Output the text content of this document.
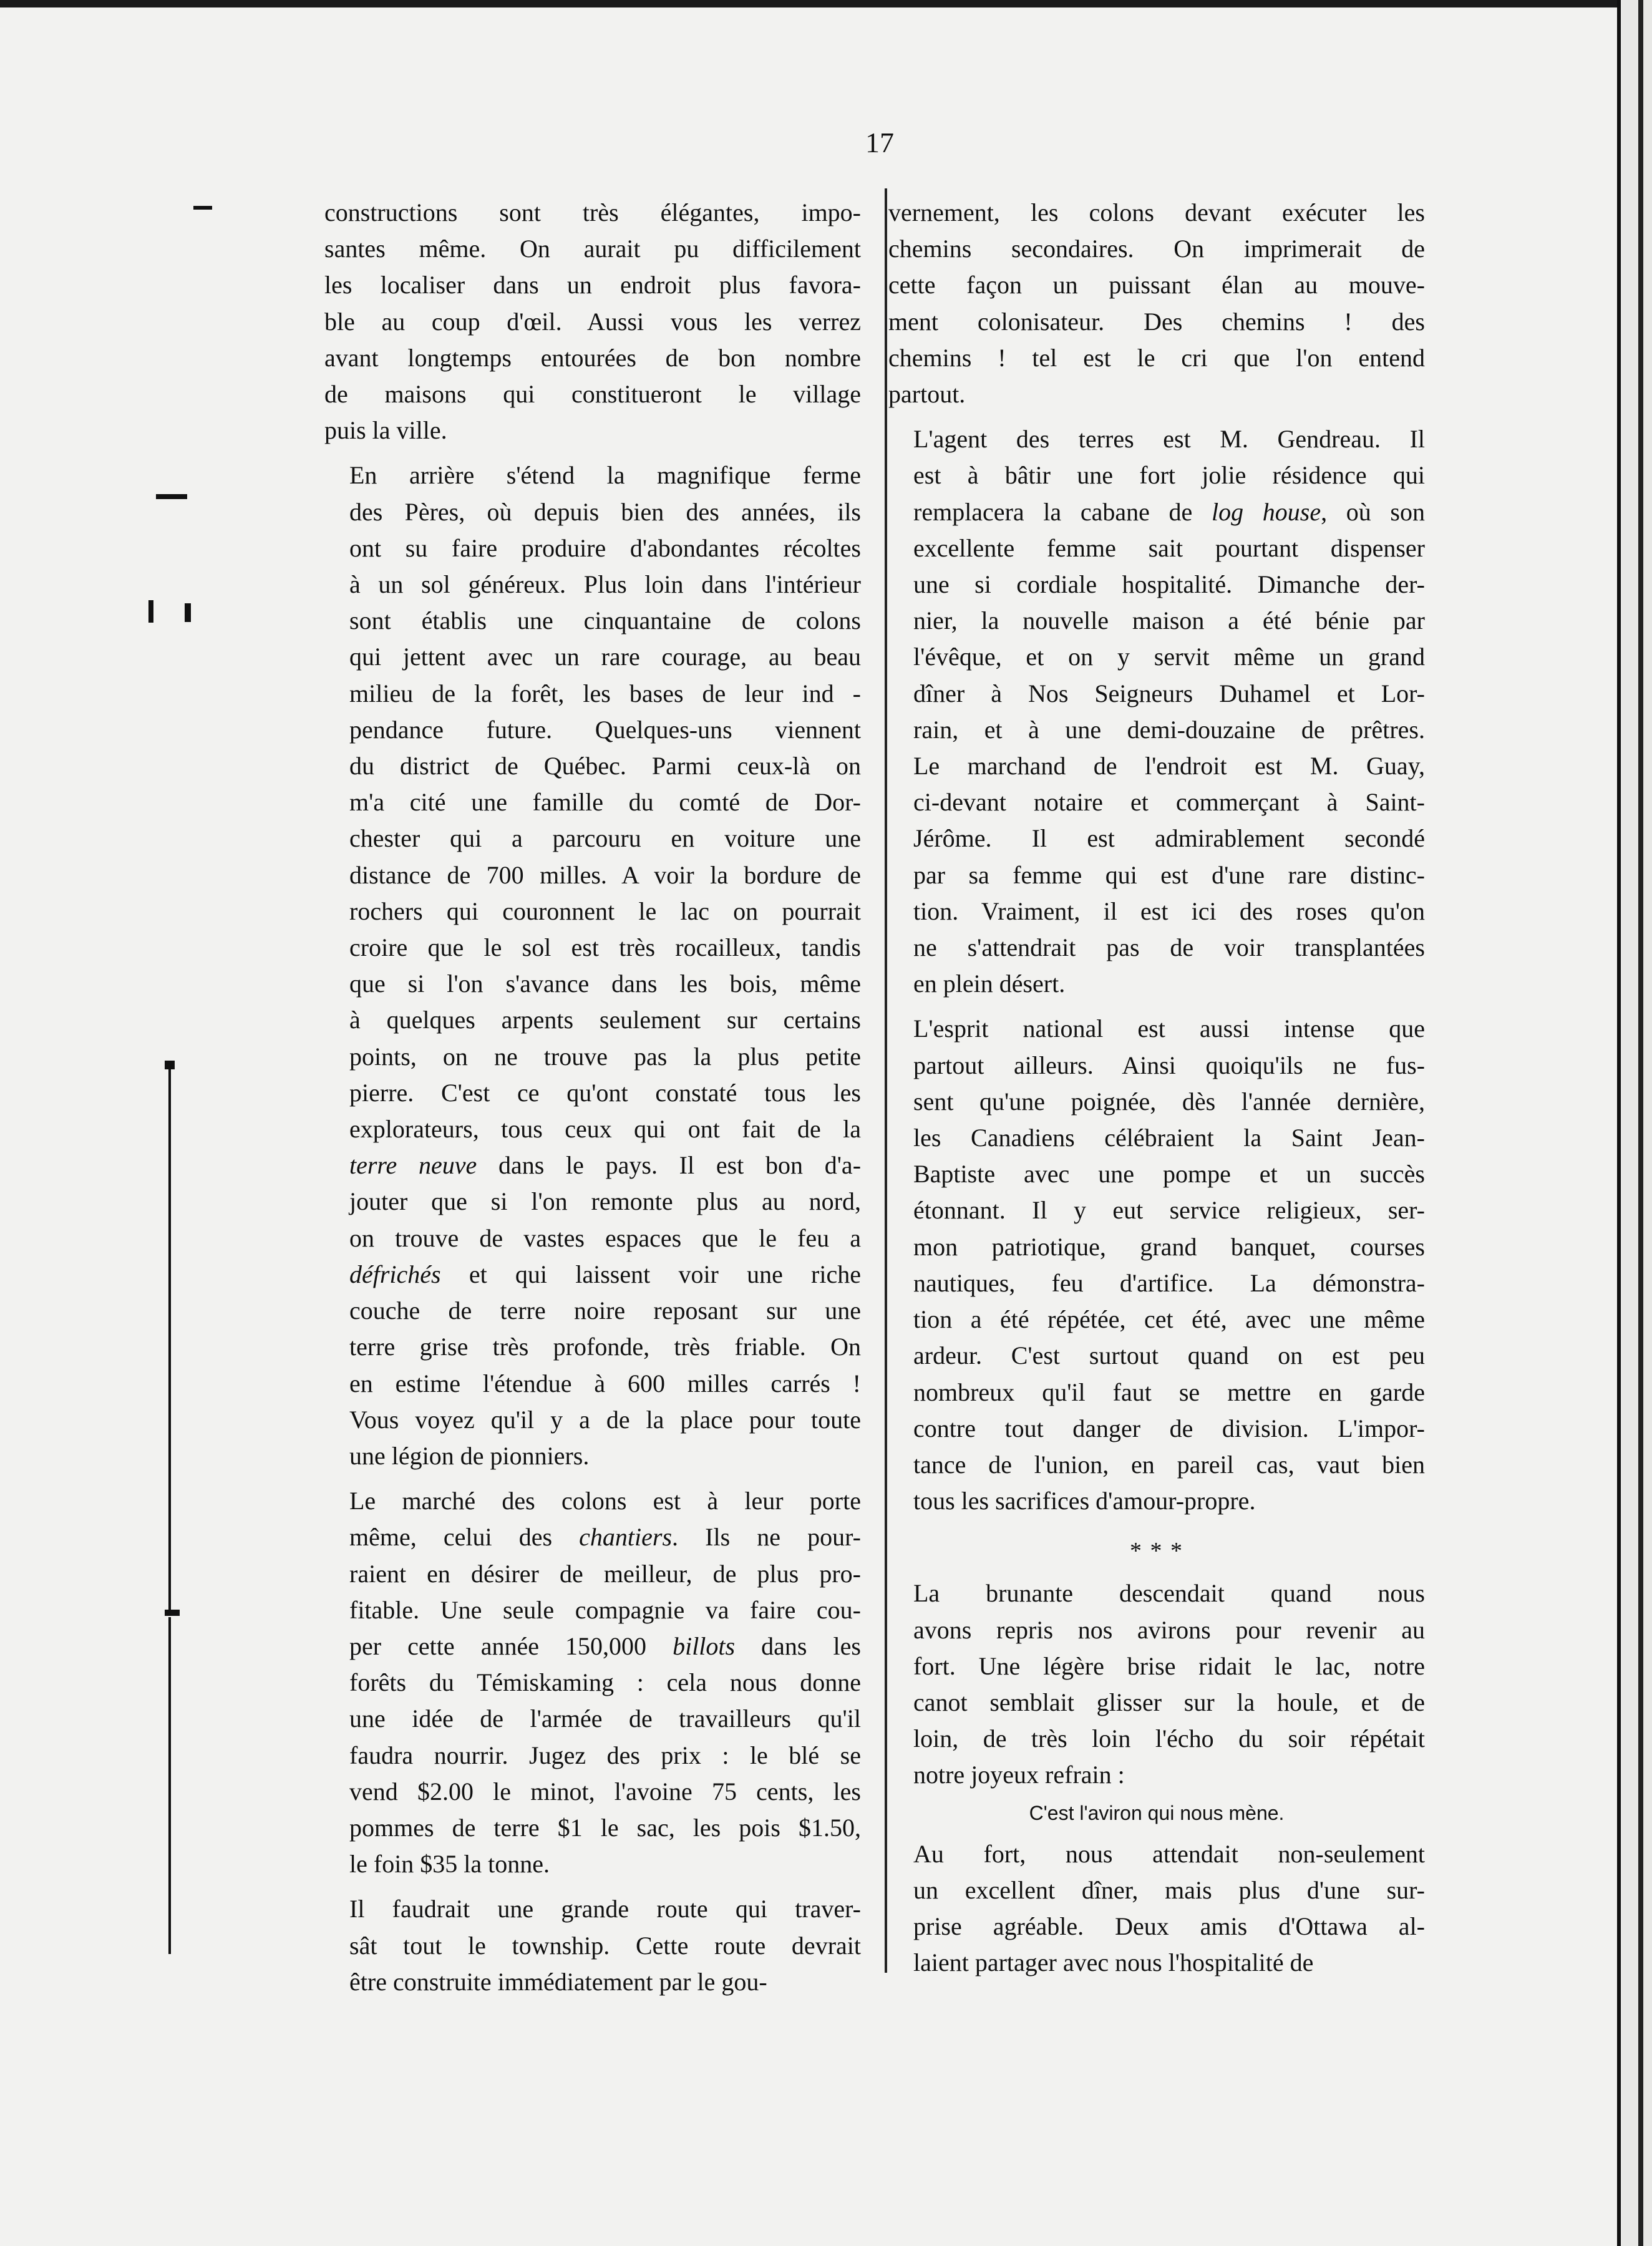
17

constructions sont très élégantes, impo-
santes même. On aurait pu difficilement
les localiser dans un endroit plus favora-
ble au coup d'œil. Aussi vous les verrez
avant longtemps entourées de bon nombre
de maisons qui constitueront le village
puis la ville.

En arrière s'étend la magnifique ferme
des Pères, où depuis bien des années, ils
ont su faire produire d'abondantes récoltes
à un sol généreux. Plus loin dans l'intérieur
sont établis une cinquantaine de colons
qui jettent avec un rare courage, au beau
milieu de la forêt, les bases de leur ind -
pendance future. Quelques-uns viennent
du district de Québec. Parmi ceux-là on
m'a cité une famille du comté de Dor-
chester qui a parcouru en voiture une
distance de 700 milles. A voir la bordure de
rochers qui couronnent le lac on pourrait
croire que le sol est très rocailleux, tandis
que si l'on s'avance dans les bois, même
à quelques arpents seulement sur certains
points, on ne trouve pas la plus petite
pierre. C'est ce qu'ont constaté tous les
explorateurs, tous ceux qui ont fait de la
terre neuve dans le pays. Il est bon d'a-
jouter que si l'on remonte plus au nord,
on trouve de vastes espaces que le feu a
défrichés et qui laissent voir une riche
couche de terre noire reposant sur une
terre grise très profonde, très friable. On
en estime l'étendue à 600 milles carrés !
Vous voyez qu'il y a de la place pour toute
une légion de pionniers.

Le marché des colons est à leur porte
même, celui des chantiers. Ils ne pour-
raient en désirer de meilleur, de plus pro-
fitable. Une seule compagnie va faire cou-
per cette année 150,000 billots dans les
forêts du Témiskaming : cela nous donne
une idée de l'armée de travailleurs qu'il
faudra nourrir. Jugez des prix : le blé se
vend $2.00 le minot, l'avoine 75 cents, les
pommes de terre $1 le sac, les pois $1.50,
le foin $35 la tonne.

Il faudrait une grande route qui traver-
sât tout le township. Cette route devrait
être construite immédiatement par le gou-

vernement, les colons devant exécuter les
chemins secondaires. On imprimerait de
cette façon un puissant élan au mouve-
ment colonisateur. Des chemins ! des
chemins ! tel est le cri que l'on entend
partout.

L'agent des terres est M. Gendreau. Il
est à bâtir une fort jolie résidence qui
remplacera la cabane de log house, où son
excellente femme sait pourtant dispenser
une si cordiale hospitalité. Dimanche der-
nier, la nouvelle maison a été bénie par
l'évêque, et on y servit même un grand
dîner à Nos Seigneurs Duhamel et Lor-
rain, et à une demi-douzaine de prêtres.
Le marchand de l'endroit est M. Guay,
ci-devant notaire et commerçant à Saint-
Jérôme. Il est admirablement secondé
par sa femme qui est d'une rare distinc-
tion. Vraiment, il est ici des roses qu'on
ne s'attendrait pas de voir transplantées
en plein désert.

L'esprit national est aussi intense que
partout ailleurs. Ainsi quoiqu'ils ne fus-
sent qu'une poignée, dès l'année dernière,
les Canadiens célébraient la Saint Jean-
Baptiste avec une pompe et un succès
étonnant. Il y eut service religieux, ser-
mon patriotique, grand banquet, courses
nautiques, feu d'artifice. La démonstra-
tion a été répétée, cet été, avec une même
ardeur. C'est surtout quand on est peu
nombreux qu'il faut se mettre en garde
contre tout danger de division. L'impor-
tance de l'union, en pareil cas, vaut bien
tous les sacrifices d'amour-propre.

* * *

La brunante descendait quand nous
avons repris nos avirons pour revenir au
fort. Une légère brise ridait le lac, notre
canot semblait glisser sur la houle, et de
loin, de très loin l'écho du soir répétait
notre joyeux refrain :

C'est l'aviron qui nous mène.

Au fort, nous attendait non-seulement
un excellent dîner, mais plus d'une sur-
prise agréable. Deux amis d'Ottawa al-
laient partager avec nous l'hospitalité de
